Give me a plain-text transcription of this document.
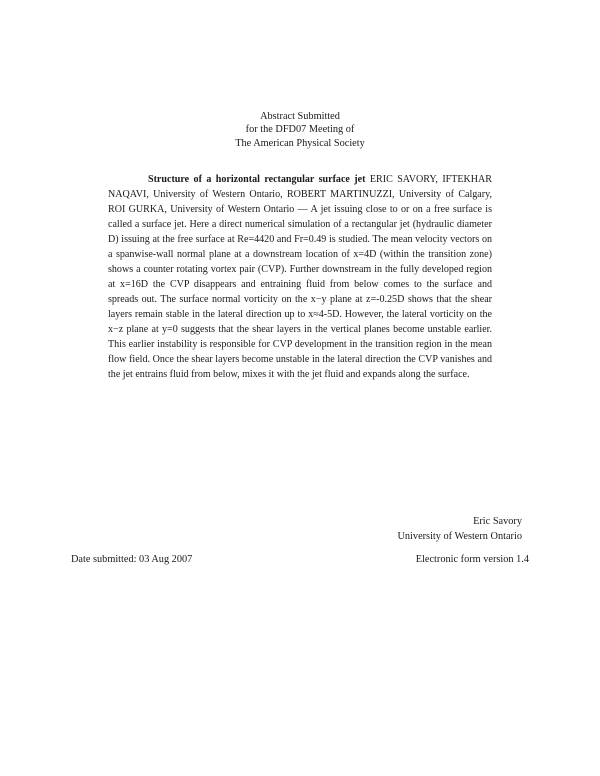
Abstract Submitted
for the DFD07 Meeting of
The American Physical Society
Structure of a horizontal rectangular surface jet ERIC SAVORY, IFTEKHAR NAQAVI, University of Western Ontario, ROBERT MARTINUZZI, University of Calgary, ROI GURKA, University of Western Ontario — A jet issuing close to or on a free surface is called a surface jet. Here a direct numerical simulation of a rectangular jet (hydraulic diameter D) issuing at the free surface at Re=4420 and Fr=0.49 is studied. The mean velocity vectors on a spanwise-wall normal plane at a downstream location of x=4D (within the transition zone) shows a counter rotating vortex pair (CVP). Further downstream in the fully developed region at x=16D the CVP disappears and entraining fluid from below comes to the surface and spreads out. The surface normal vorticity on the x−y plane at z=-0.25D shows that the shear layers remain stable in the lateral direction up to x≈4-5D. However, the lateral vorticity on the x−z plane at y=0 suggests that the shear layers in the vertical planes become unstable earlier. This earlier instability is responsible for CVP development in the transition region in the mean flow field. Once the shear layers become unstable in the lateral direction the CVP vanishes and the jet entrains fluid from below, mixes it with the jet fluid and expands along the surface.
Eric Savory
University of Western Ontario
Date submitted: 03 Aug 2007	Electronic form version 1.4
